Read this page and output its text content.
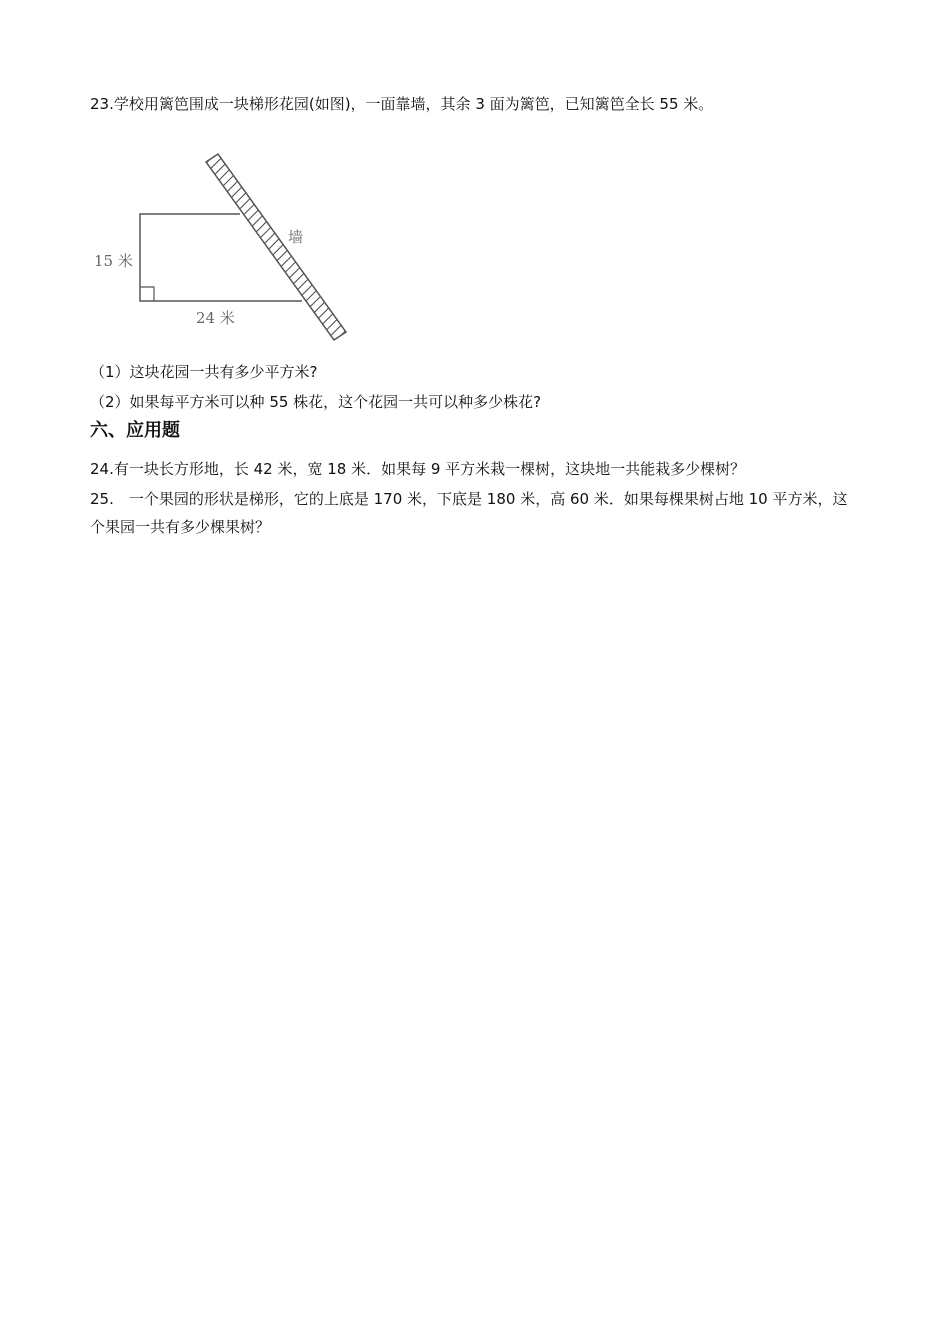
23.学校用篱笆围成一块梯形花园(如图)，一面靠墙，其余 3 面为篱笆，已知篱笆全长 55 米。
15 米
24 米
墙
（1）这块花园一共有多少平方米?
（2）如果每平方米可以种 55 株花，这个花园一共可以种多少株花?
六、应用题
24.有一块长方形地，长 42 米，宽 18 米．如果每 9 平方米栽一棵树，这块地一共能栽多少棵树？
25.　一个果园的形状是梯形，它的上底是 170 米，下底是 180 米，高 60 米．如果每棵果树占地 10 平方米，这个果园一共有多少棵果树？
